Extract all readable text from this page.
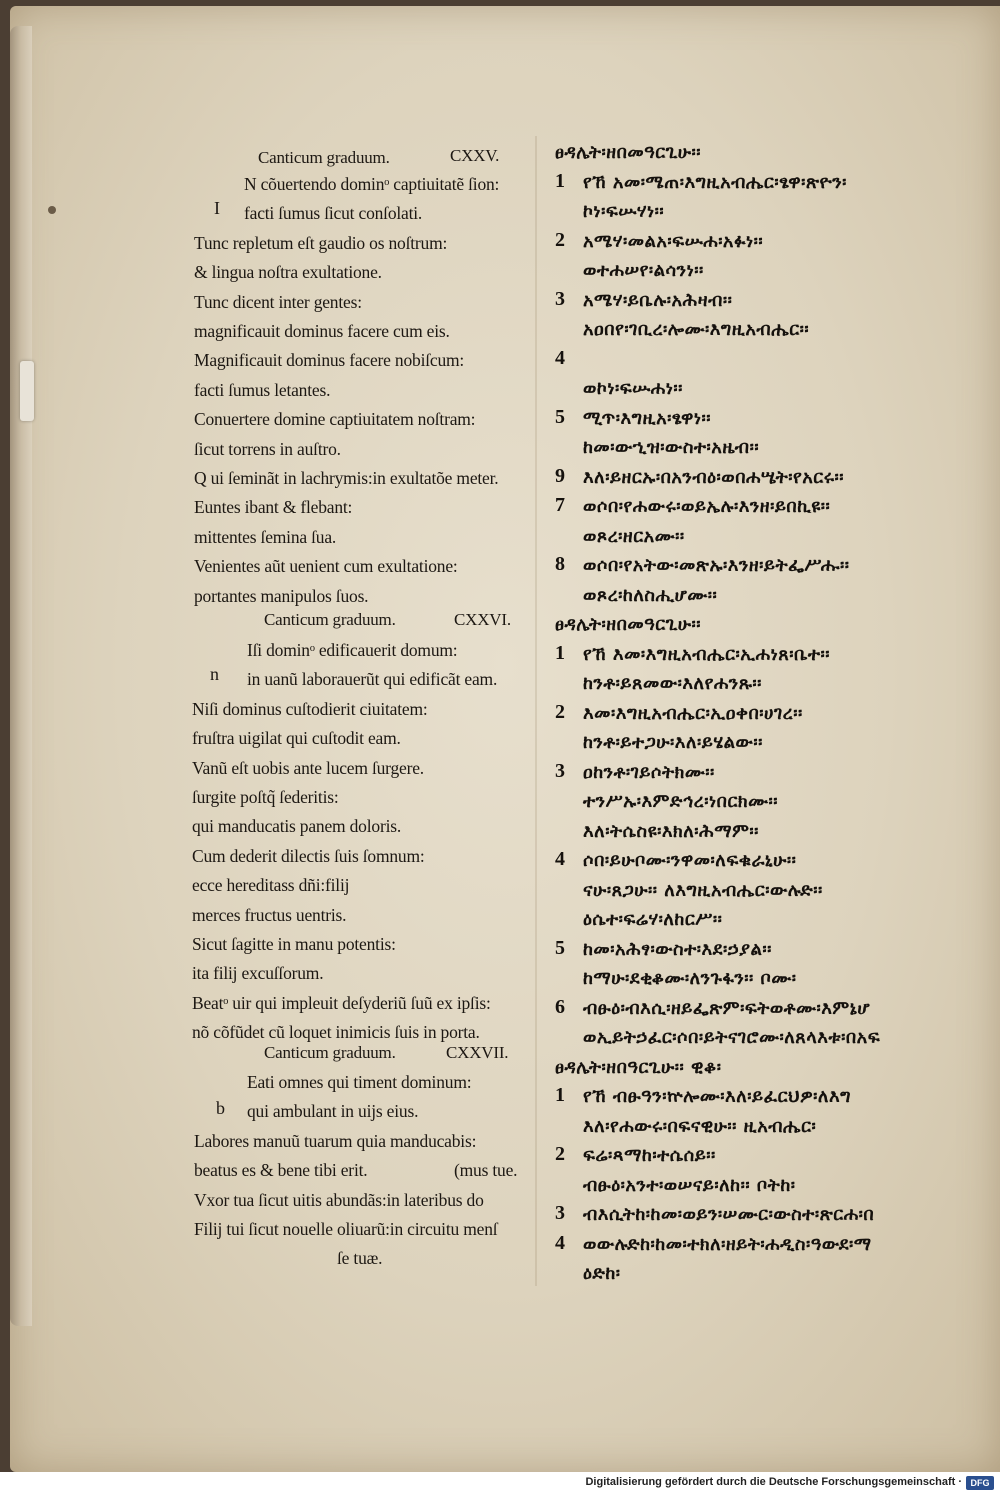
Canticum graduum.	CXXV.
I
N cõuertendo dominᵒ captiuitatẽ ſion:
facti ſumus ſicut conſolati.
Tunc repletum eſt gaudio os noſtrum:
& lingua noſtra exultatione.
Tunc dicent inter gentes:
magnificauit dominus facere cum eis.
Magnificauit dominus facere nobiſcum:
facti ſumus letantes.
Conuertere domine captiuitatem noſtram:
ſicut torrens in auſtro.
Q ui ſeminãt in lachrymis:in exultatõe meter.
Euntes ibant & flebant:
mittentes ſemina ſua.
Venientes aũt uenient cum exultatione:
portantes manipulos ſuos.
Canticum graduum.	CXXVI.
n
Iſi dominᵒ edificauerit domum:
in uanũ laborauerũt qui edificãt eam.
Niſi dominus cuſtodierit ciuitatem:
fruſtra uigilat qui cuſtodit eam.
Vanũ eſt uobis ante lucem ſurgere.
ſurgite poſtq̃ ſederitis:
qui manducatis panem doloris.
Cum dederit dilectis ſuis ſomnum:
ecce hereditass dñi:filij
merces fructus uentris.
Sicut ſagitte in manu potentis:
ita filij excuſſorum.
Beatᵒ uir qui impleuit deſyderiũ ſuũ ex ipſis:
nõ cõfũdet cũ loquet inimicis ſuis in porta.
Canticum graduum.	CXXVII.
b
Eati omnes qui timent dominum:
qui ambulant in uijs eius.
Labores manuũ tuarum quia manducabis:
beatus es & bene tibi erit.	(mus tue.
Vxor tua ſicut uitis abundãs:in lateribus do
Filij tui ſicut nouelle oliuarũ:in circuitu menſ
ſe tuæ.
ፀዳሌት፡ዘበመዓርጊሁ፡፡
1 የኸ አመ፡ሜጠ፡እግዚአብሔር፡ፄዋ፡ጽዮን፡
ኮነ፡ፍሡሃነ፡፡
2 አሜሃ፡መልአ፡ፍሡሐ፡አፉነ፡፡
ወተሐሠየ፡ልሳንነ፡፡
3 አሜሃ፡ይቤሉ፡አሕዛብ፡፡
አዐበየ፡ገቢረ፡ሎሙ፡እግዚአብሔር፡፡
4
ወኮነ፡ፍሡሐነ፡፡
5 ሚጥ፡እግዚአ፡ፄዋነ፡፡
ከመ፡ውኂዝ፡ውስተ፡አዜብ፡፡
9 እለ፡ይዘርኡ፡በአንብዕ፡ወበሐሤት፡የአርሩ፡፡
7 ወሶበ፡የሐውሩ፡ወይኤሉ፡እንዘ፡ይበኪዩ፡፡
ወጾረ፡ዘርአሙ፡፡
8 ወሶበ፡የአትው፡መጽኡ፡እንዘ፡ይትፌሥሑ፡፡
ወጾረ፡ከለስሒሆሙ፡፡
ፀዳሌት፡ዘበመዓርጊሁ፡፡
1 የኸ እመ፡እግዚአብሔር፡ኢሐነጸ፡ቤተ፡፡
ከንቶ፡ይጸመው፡እለየሐንጹ፡፡
2 እመ፡እግዚአብሔር፡ኢዐቀበ፡ሀገረ፡፡
ከንቶ፡ይተጋሁ፡እለ፡ይሄልው፡፡
3 ዐከንቶ፡ገይሶትክሙ፡፡
ተንሥኡ፡እምድኅረ፡ነበርክሙ፡፡
እለ፡ትሴስዩ፡እክለ፡ሕማም፡፡
4 ሶበ፡ይሁቦሙ፡ንዋመ፡ለፍቁራኒሁ፡፡
ናሁ፡ጸጋሁ፡፡ ለእግዚአብሔር፡ውሉድ፡፡
ዕሴተ፡ፍሬሃ፡ለከርሥ፡፡
5 ከመ፡አሕፃ፡ውስተ፡እደ፡ኃያል፡፡
ከማሁ፡ደቂቆሙ፡ለንጉፋን፡፡ ቦሙ፡
6 ብፁዕ፡ብእሲ፡ዘይፌጽም፡ፍትወቶሙ፡እምኔሆ
ወኢይትኃፈር፡ሶበ፡ይትናገሮሙ፡ለጸላእቱ፡በአፍ
ፀዳሌት፡ዘበዓርጊሁ፡፡ ዊቆ፡
1 የኸ ብፁዓን፡ኵሎሙ፡እለ፡ይፈርህዎ፡ለእግ
እለ፡የሐውሩ፡በፍናዊሁ፡፡ ዚአብሔር፡
2 ፍሬ፡ጻማከ፡ተሴሰይ፡፡
ብፁዕ፡አንተ፡ወሠናይ፡ለከ፡፡ ቦትከ፡
3 ብእሲትከ፡ከመ፡ወይን፡ሠሙር፡ውስተ፡ጽርሐ፡በ
4 ወውሉድከ፡ከመ፡ተክለ፡ዘይት፡ሐዲስ፡ዓውደ፡ማ
ዕድከ፡
Digitalisierung gefördert durch die Deutsche Forschungsgemeinschaft · DFG
